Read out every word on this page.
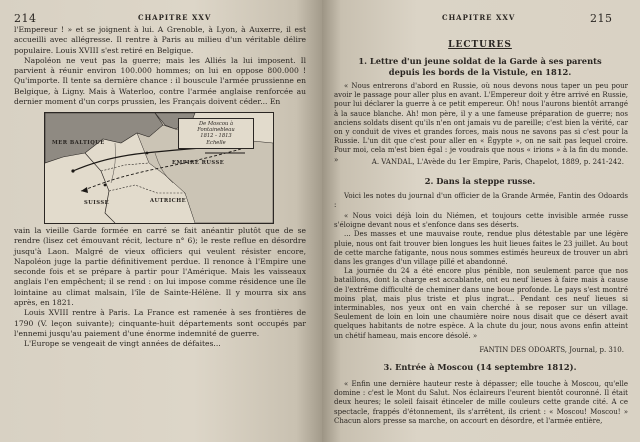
214	CHAPITRE XXV

l'Empereur ! » et se joignent à lui. A Grenoble, à Lyon, à Auxerre, il est accueilli avec allégresse. Il rentre à Paris au milieu d'un véritable délire populaire. Louis XVIII s'est retiré en Belgique.

Napoléon ne veut pas la guerre; mais les Alliés la lui imposent. Il parvient à réunir environ 100.000 hommes; on lui en oppose 800.000 ! Qu'importe. Il tente sa dernière chance : il bouscule l'armée prussienne en Belgique, à Ligny. Mais à Waterloo, contre l'armée anglaise renforcée au dernier moment d'un corps prussien, les Français doivent céder... En

De Moscou à Fontainebleau
1812 - 1813
Echelle
MER BALTIQUE
EMPIRE RUSSE
SUISSE	AUTRICHE

vain la vieille Garde formée en carré se fait anéantir plutôt que de se rendre (lisez cet émouvant récit, lecture n° 6); le reste reflue en désordre jusqu'à Laon. Malgré de vieux officiers qui veulent résister encore, Napoléon juge la partie définitivement perdue. Il renonce à l'Empire une seconde fois et se prépare à partir pour l'Amérique. Mais les vaisseaux anglais l'en empêchent; il se rend : on lui impose comme résidence une île lointaine au climat malsain, l'île de Sainte-Hélène. Il y mourra six ans après, en 1821.

Louis XVIII rentre à Paris. La France est ramenée à ses frontières de 1790 (V. leçon suivante); cinquante-huit départements sont occupés par l'ennemi jusqu'au paiement d'une énorme indemnité de guerre.

L'Europe se vengeait de vingt années de défaites...

CHAPITRE XXV	215
LECTURES
1. Lettre d'un jeune soldat de la Garde à ses parents
depuis les bords de la Vistule, en 1812.

« Nous entrerons d'abord en Russie, où nous devons nous taper un peu pour avoir le passage pour aller plus en avant. L'Empereur doit y être arrivé en Russie, pour lui déclarer la guerre à ce petit empereur. Oh! nous l'aurons bientôt arrangé à la sauce blanche. Ah! mon père, il y a une fameuse préparation de guerre; nos anciens soldats disent qu'ils n'en ont jamais vu de pareille; c'est bien la vérité, car on y conduit de vives et grandes forces, mais nous ne savons pas si c'est pour la Russie. L'un dit que c'est pour aller en « Égypte », on ne sait pas lequel croire. Pour moi, cela m'est bien égal : je voudrais que nous « irions » à la fin du monde. »	A. VANDAL, L'Avède du 1er Empire, Paris, Chapelot, 1889, p. 241-242.
2. Dans la steppe russe.

Voici les notes du journal d'un officier de la Grande Armée, Fantin des Odoards :

« Nous voici déjà loin du Niémen, et toujours cette invisible armée russe s'éloigne devant nous et s'enfonce dans ses déserts.

... Des masses et une mauvaise route, rendue plus détestable par une légère pluie, nous ont fait trouver bien longues les huit lieues faites le 23 juillet. Au bout de cette marche fatigante, nous nous sommes estimés heureux de trouver un abri dans les granges d'un village pillé et abandonné.

La journée du 24 a été encore plus pénible, non seulement parce que nos bataillons, dont la charge est accablante, ont eu neuf lieues à faire mais à cause de l'extrême difficulté de cheminer dans une boue profonde. Le pays s'est montré moins plat, mais plus triste et plus ingrat... Pendant ces neuf lieues si interminables, nos yeux ont en vain cherché à se reposer sur un village. Seulement de loin en loin une chaumière noire nous disait que ce désert avait quelques habitants de notre espèce. A la chute du jour, nous avons enfin atteint un chétif hameau, mais encore désolé. »

FANTIN DES ODOARTS, Journal, p. 310.
3. Entrée à Moscou (14 septembre 1812).

« Enfin une dernière hauteur reste à dépasser; elle touche à Moscou, qu'elle domine : c'est le Mont du Salut. Nos éclaireurs l'eurent bientôt couronné. Il était deux heures; le soleil faisait étinceler de mille couleurs cette grande cité. A ce spectacle, frappés d'étonnement, ils s'arrêtent, ils crient : « Moscou! Moscou! » Chacun alors presse sa marche, on accourt en désordre, et l'armée entière,
